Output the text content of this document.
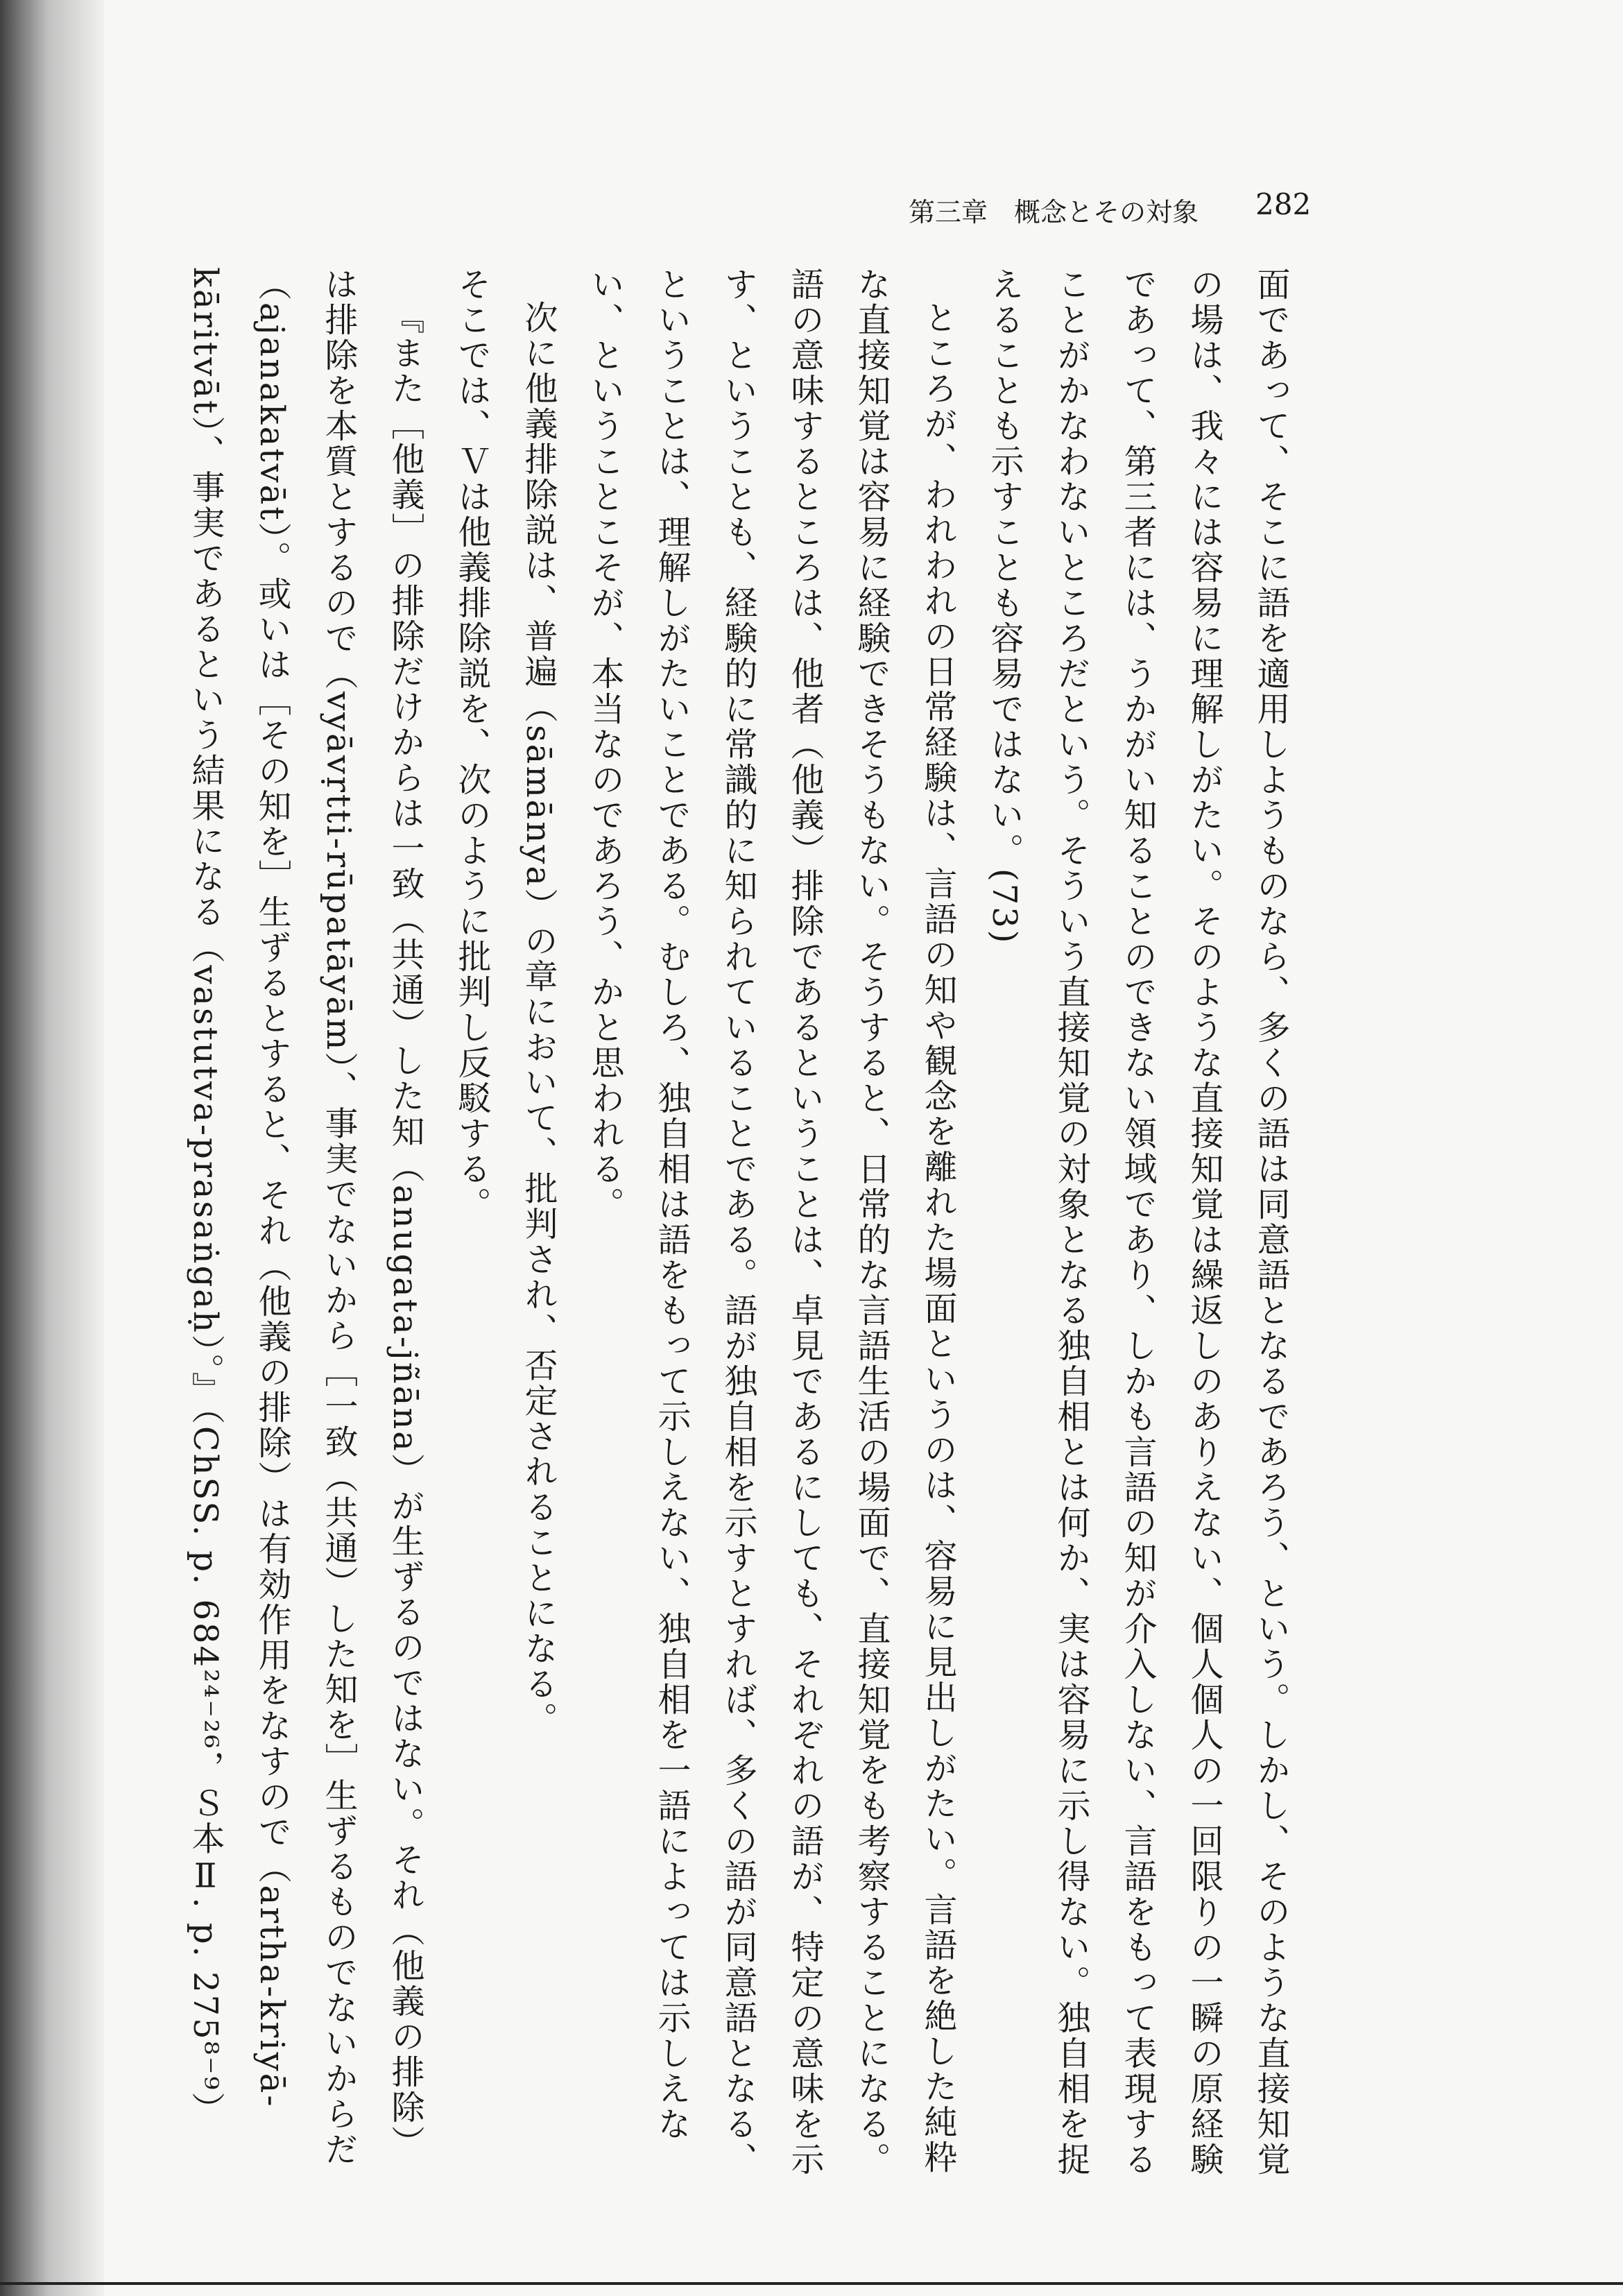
第三章　概念とその対象 282

面であって、そこに語を適用しようものなら、多くの語は同意語となるであろう、という。しかし、そのような直接知覚の場は、我々には容易に理解しがたい。そのような直接知覚は繰返しのありえない、個人個人の一回限りの一瞬の原経験であって、第三者には、うかがい知ることのできない領域であり、しかも言語の知が介入しない、言語をもって表現することがかなわないところだという。そういう直接知覚の対象となる独自相とは何か、実は容易に示し得ない。独自相を捉えることも示すことも容易ではない。(73)

ところが、われわれの日常経験は、言語の知や観念を離れた場面というのは、容易に見出しがたい。言語を絶した純粋な直接知覚は容易に経験できそうもない。そうすると、日常的な言語生活の場面で、直接知覚をも考察することになる。語の意味するところは、他者（他義）排除であるということは、卓見であるにしても、それぞれの語が、特定の意味を示す、ということも、経験的に常識的に知られていることである。語が独自相を示すとすれば、多くの語が同意語となる、ということは、理解しがたいことである。むしろ、独自相は語をもって示しえない、独自相を一語によっては示しえない、ということこそが、本当なのであろう、かと思われる。

次に他義排除説は、普遍（sāmānya）の章において、批判され、否定されることになる。

そこでは、Ｖは他義排除説を、次のように批判し反駁する。

『また［他義］の排除だけからは一致（共通）した知（anugata-jñāna）が生ずるのではない。それ（他義の排除）は排除を本質とするので（vyāvṛtti-rūpatāyām）、事実でないから［一致（共通）した知を］生ずるものでないからだ（ajanakatvāt）。或いは［その知を］生ずるとすると、それ（他義の排除）は有効作用をなすので（artha-kriyā-kāritvāt）、事実であるという結果になる（vastutva-prasaṅgaḥ）。』（ChSS. p. 684²⁴⁻²⁶，Ｓ本Ⅱ. p. 275⁸⁻⁹）
